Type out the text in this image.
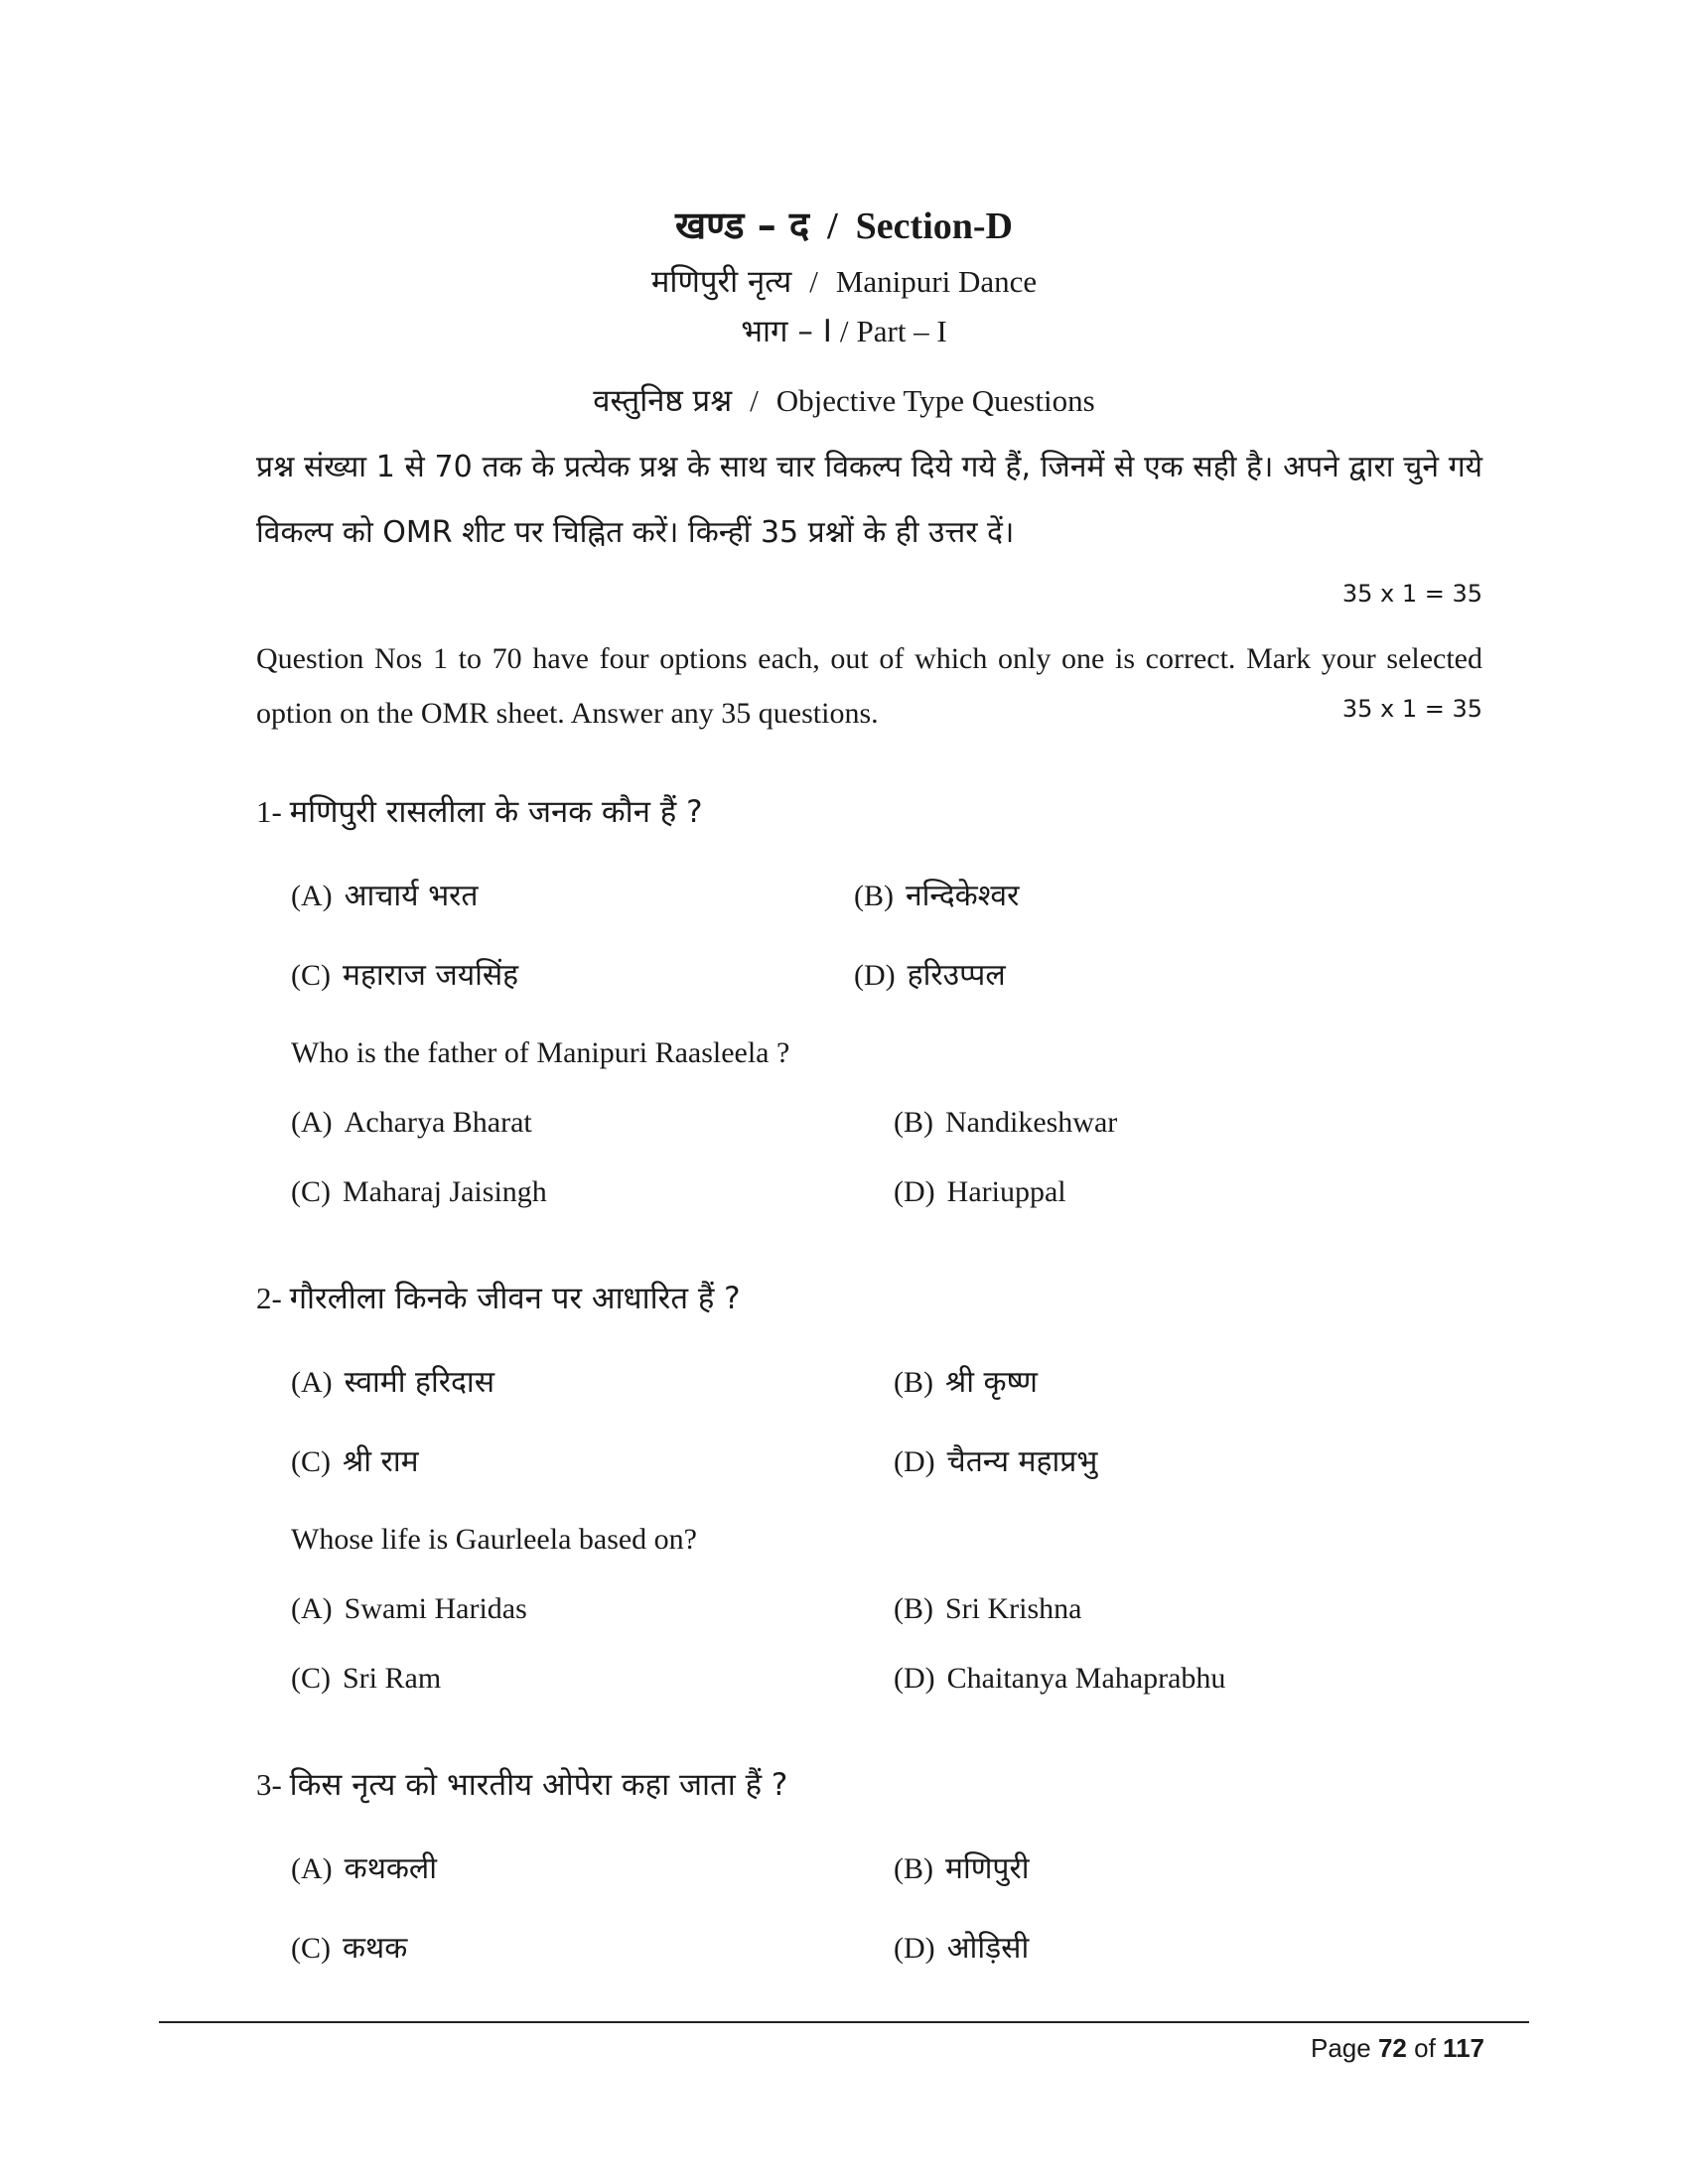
खण्ड – द / Section-D
मणिपुरी नृत्य / Manipuri Dance
भाग – I / Part – I
वस्तुनिष्ठ प्रश्न / Objective Type Questions
प्रश्न संख्या 1 से 70 तक के प्रत्येक प्रश्न के साथ चार विकल्प दिये गये हैं, जिनमें से एक सही है। अपने द्वारा चुने गये विकल्प को OMR शीट पर चिह्नित करें। किन्हीं 35 प्रश्नों के ही उत्तर दें।
35 x 1 = 35
Question Nos 1 to 70 have four options each, out of which only one is correct. Mark your selected option on the OMR sheet. Answer any 35 questions.	35 x 1 = 35
1- मणिपुरी रासलीला के जनक कौन हैं ?
(A) आचार्य भरत	(B) नन्दिकेश्वर
(C) महाराज जयसिंह	(D) हरिउप्पल
Who is the father of Manipuri Raasleela ?
(A) Acharya Bharat	(B) Nandikeshwar
(C) Maharaj Jaisingh	(D) Hariuppal
2- गौरलीला किनके जीवन पर आधारित हैं ?
(A) स्वामी हरिदास	(B) श्री कृष्ण
(C) श्री राम	(D) चैतन्य महाप्रभु
Whose life is Gaurleela based on?
(A) Swami Haridas	(B) Sri Krishna
(C) Sri Ram	(D) Chaitanya Mahaprabhu
3- किस नृत्य को भारतीय ओपेरा कहा जाता हैं ?
(A) कथकली	(B) मणिपुरी
(C) कथक	(D) ओड़िसी
Page 72 of 117
